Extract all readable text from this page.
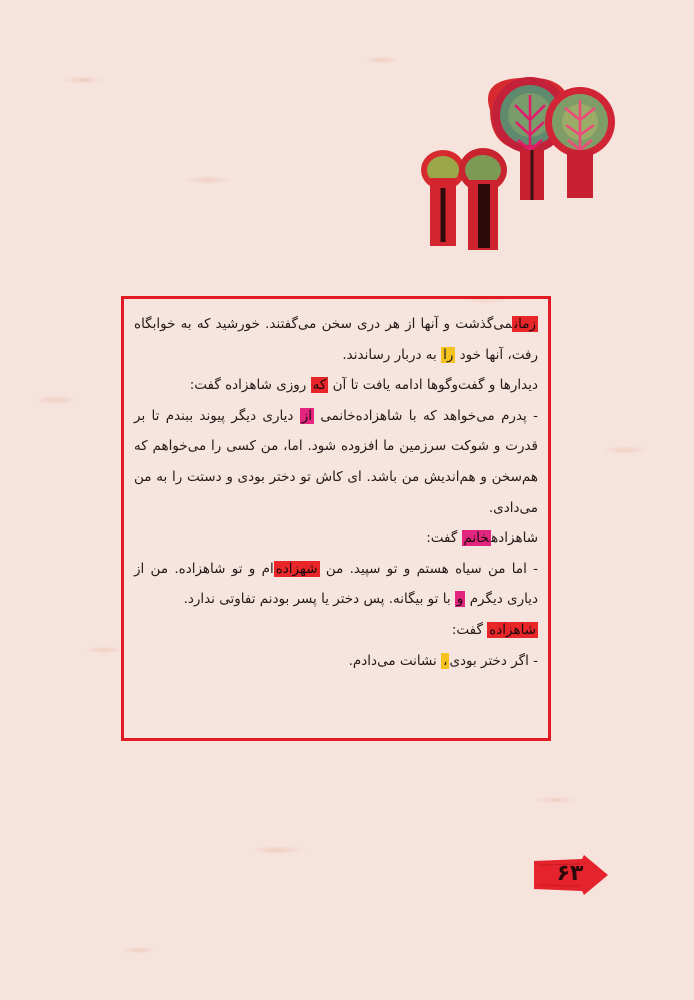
زمانمی‌گذشت و آنها از هر دری سخن می‌گفتند. خورشید که به خوابگاه رفت، آنها خود را به دربار رساندند.

دیدارها و گفت‌وگوها ادامه یافت تا آن که روزی شاهزاده گفت:

- پدرم می‌خواهد که با شاهزاده‌خانمی از دیاری دیگر پیوند ببندم تا بر قدرت و شوکت سرزمین ما افزوده شود. اما، من کسی را می‌خواهم که هم‌سخن و هم‌اندیش من باشد. ای کاش تو دختر بودی و دستت را به من می‌دادی.

شاهزادهخانم گفت:

- اما من سیاه هستم و تو سپید. من شهزاده‌ام و تو شاهزاده. من از دیاری دیگرم و با تو بیگانه. پس دختر یا پسر بودنم تفاوتی ندارد.

شاهزاده گفت:

- اگر دختر بودی، نشانت می‌دادم.

۶۳
